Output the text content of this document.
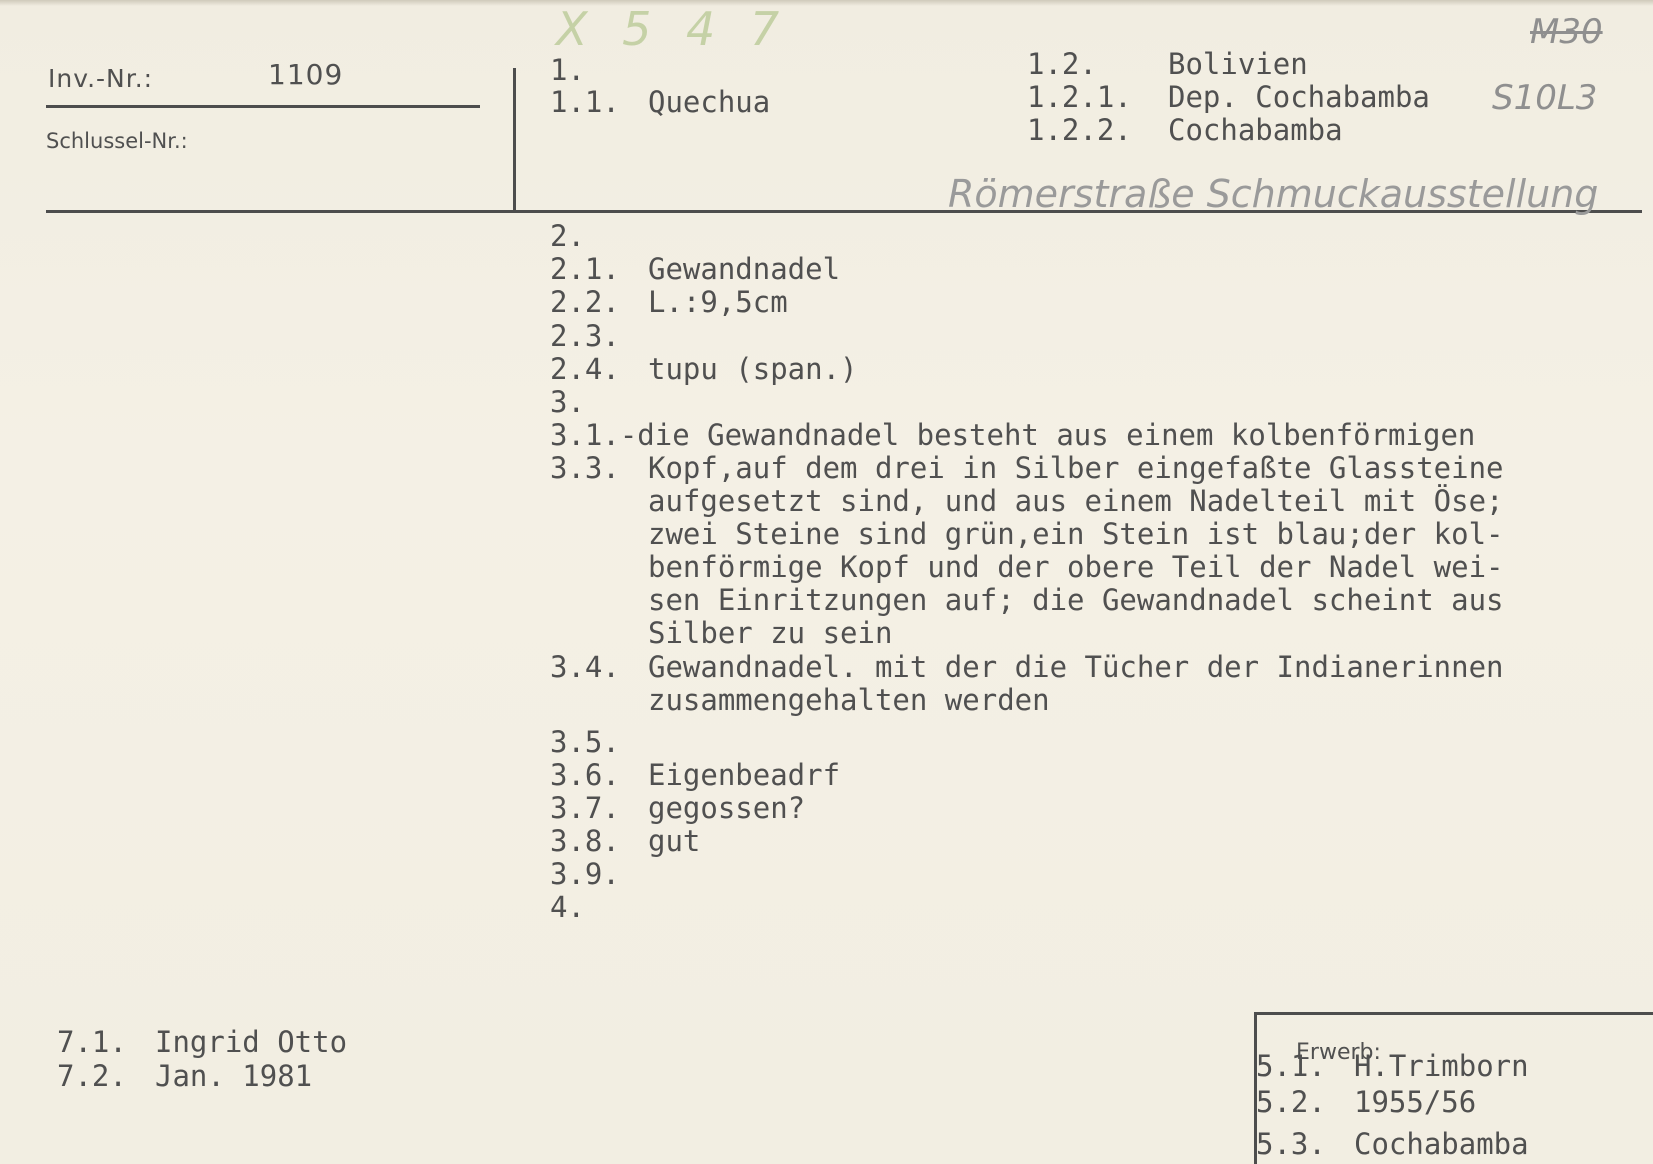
Inv.-Nr.:	1109
Schlussel-Nr.:
X 5 4 7	M30
S10L3
Römerstraße Schmuckausstellung
1.
1.1. Quechua
1.2. Bolivien
1.2.1. Dep. Cochabamba
1.2.2. Cochabamba
2.
2.1. Gewandnadel
2.2. L.:9,5cm
2.3.
2.4. tupu (span.)
3.
3.1.-die Gewandnadel besteht aus einem kolbenförmigen
3.3. Kopf,auf dem drei in Silber eingefaßte Glassteine
aufgesetzt sind, und aus einem Nadelteil mit Öse;
zwei Steine sind grün,ein Stein ist blau;der kol-
benförmige Kopf und der obere Teil der Nadel wei-
sen Einritzungen auf; die Gewandnadel scheint aus
Silber zu sein
3.4. Gewandnadel. mit der die Tücher der Indianerinnen
zusammengehalten werden
3.5.
3.6. Eigenbeadrf
3.7. gegossen?
3.8. gut
3.9.
4.
7.1. Ingrid Otto
7.2. Jan. 1981
Erwerb:
5.1. H.Trimborn
5.2. 1955/56
5.3. Cochabamba
